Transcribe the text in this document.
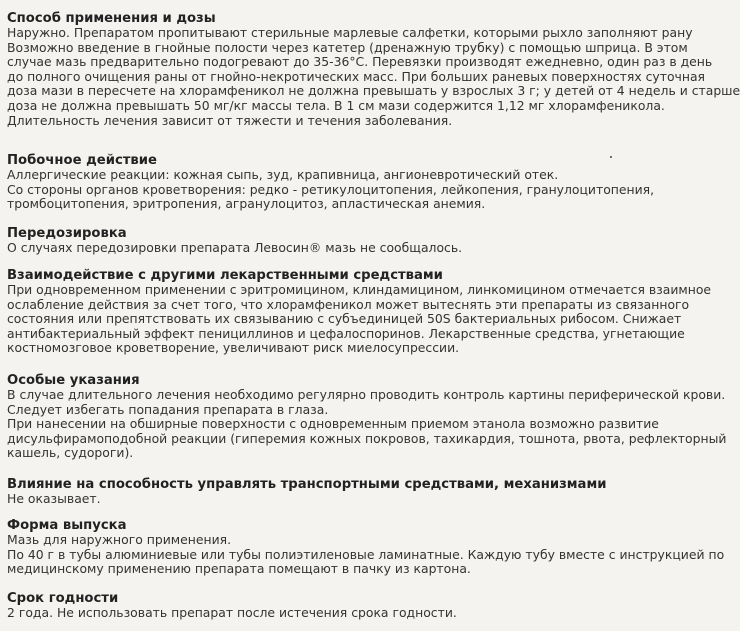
Способ применения и дозы
Наружно. Препаратом пропитывают стерильные марлевые салфетки, которыми рыхло заполняют рану
Возможно введение в гнойные полости через катетер (дренажную трубку) с помощью шприца. В этом
случае мазь предварительно подогревают до 35-36°С. Перевязки производят ежедневно, один раз в день
до полного очищения раны от гнойно-некротических масс. При больших раневых поверхностях суточная
доза мази в пересчете на хлорамфеникол не должна превышать у взрослых 3 г; у детей от 4 недель и старше
доза не должна превышать 50 мг/кг массы тела. В 1 см мази содержится 1,12 мг хлорамфеникола.
Длительность лечения зависит от тяжести и течения заболевания.
Побочное действие
Аллергические реакции: кожная сыпь, зуд, крапивница, ангионевротический отек.
Со стороны органов кроветворения: редко - ретикулоцитопения, лейкопения, гранулоцитопения,
тромбоцитопения, эритропения, агранулоцитоз, апластическая анемия.
Передозировка
О случаях передозировки препарата Левосин® мазь не сообщалось.
Взаимодействие с другими лекарственными средствами
При одновременном применении с эритромицином, клиндамицином, линкомицином отмечается взаимное
ослабление действия за счет того, что хлорамфеникол может вытеснять эти препараты из связанного
состояния или препятствовать их связыванию с субъединицей 50S бактериальных рибосом. Снижает
антибактериальный эффект пенициллинов и цефалоспоринов. Лекарственные средства, угнетающие
костномозговое кроветворение, увеличивают риск миелосупрессии.
Особые указания
В случае длительного лечения необходимо регулярно проводить контроль картины периферической крови.
Следует избегать попадания препарата в глаза.
При нанесении на обширные поверхности с одновременным приемом этанола возможно развитие
дисульфирамоподобной реакции (гиперемия кожных покровов, тахикардия, тошнота, рвота, рефлекторный
кашель, судороги).
Влияние на способность управлять транспортными средствами, механизмами
Не оказывает.
Форма выпуска
Мазь для наружного применения.
По 40 г в тубы алюминиевые или тубы полиэтиленовые ламинатные. Каждую тубу вместе с инструкцией по
медицинскому применению препарата помещают в пачку из картона.
Срок годности
2 года. Не использовать препарат после истечения срока годности.
